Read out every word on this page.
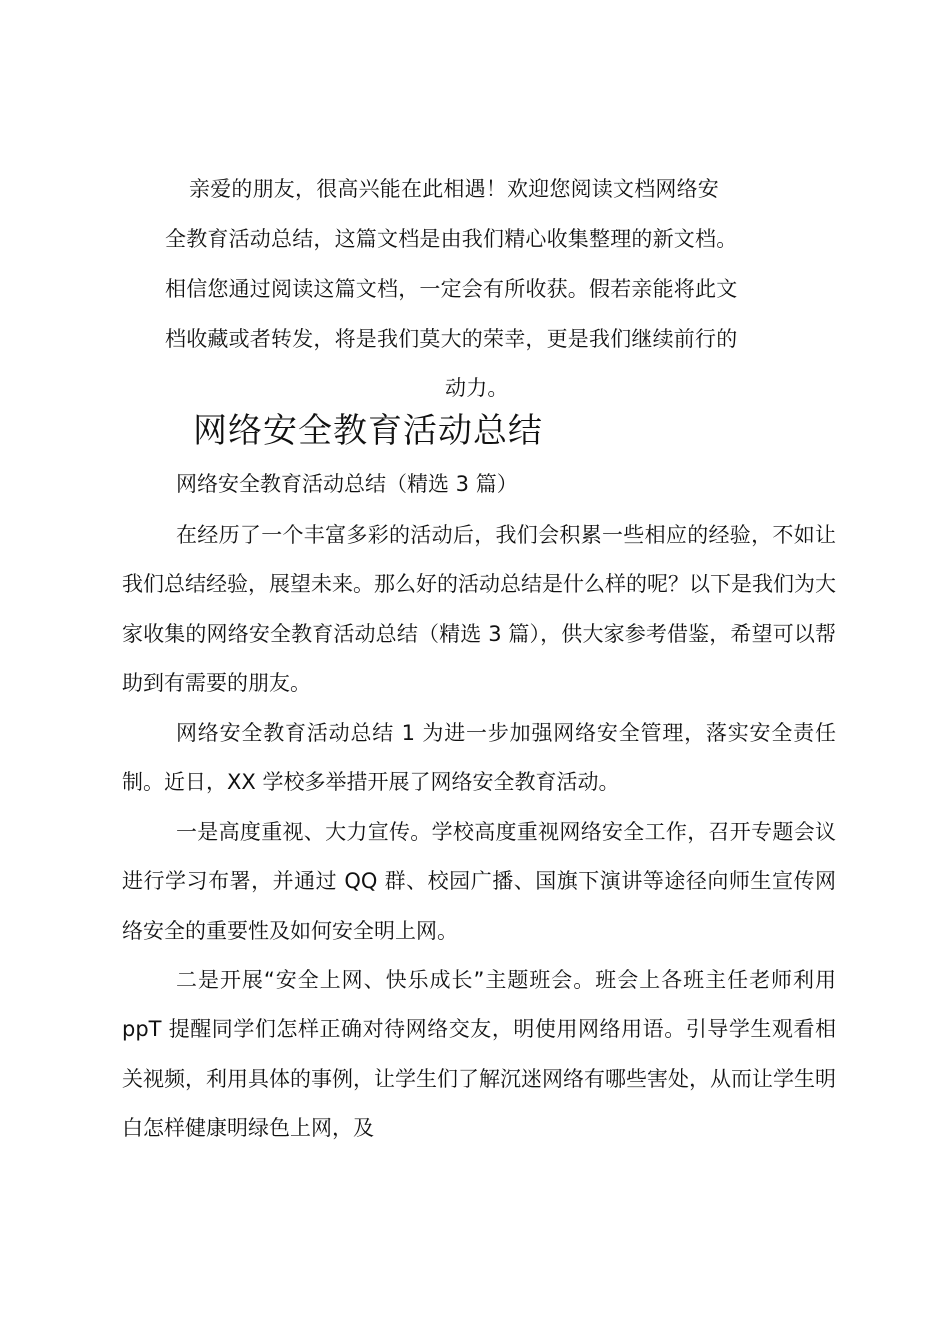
亲爱的朋友，很高兴能在此相遇！欢迎您阅读文档网络安
全教育活动总结，这篇文档是由我们精心收集整理的新文档。
相信您通过阅读这篇文档，一定会有所收获。假若亲能将此文
档收藏或者转发，将是我们莫大的荣幸，更是我们继续前行的
动力。
网络安全教育活动总结
网络安全教育活动总结（精选 3 篇）

在经历了一个丰富多彩的活动后，我们会积累一些相应的经验，不如让我们总结经验，展望未来。那么好的活动总结是什么样的呢？以下是我们为大家收集的网络安全教育活动总结（精选 3 篇），供大家参考借鉴，希望可以帮助到有需要的朋友。

网络安全教育活动总结 1 为进一步加强网络安全管理，落实安全责任制。近日，XX 学校多举措开展了网络安全教育活动。

一是高度重视、大力宣传。学校高度重视网络安全工作，召开专题会议进行学习布署，并通过 QQ 群、校园广播、国旗下演讲等途径向师生宣传网络安全的重要性及如何安全明上网。

二是开展“安全上网、快乐成长”主题班会。班会上各班主任老师利用 ppT 提醒同学们怎样正确对待网络交友，明使用网络用语。引导学生观看相关视频，利用具体的事例，让学生们了解沉迷网络有哪些害处，从而让学生明白怎样健康明绿色上网，及
